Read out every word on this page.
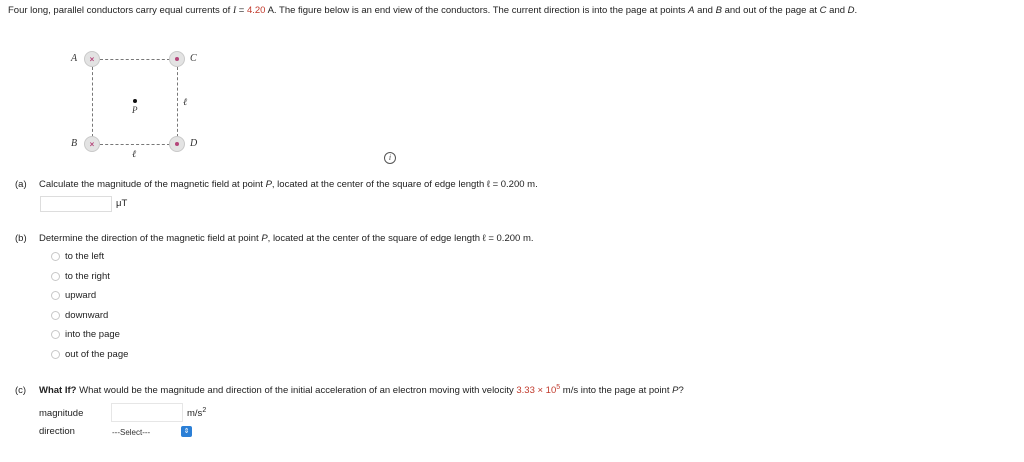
Four long, parallel conductors carry equal currents of I = 4.20 A. The figure below is an end view of the conductors. The current direction is into the page at points A and B and out of the page at C and D.
A ×	C
B ×	D
P
ℓ
ℓ	i
(a) Calculate the magnitude of the magnetic field at point P, located at the center of the square of edge length ℓ = 0.200 m.
μT
(b) Determine the direction of the magnetic field at point P, located at the center of the square of edge length ℓ = 0.200 m.
to the left
to the right
upward
downward
into the page
out of the page
(c) What If? What would be the magnitude and direction of the initial acceleration of an electron moving with velocity $3.33 \times 10^5$ m/s into the page at point P?
magnitude	$m/s^2$
direction	---Select---	⇕
